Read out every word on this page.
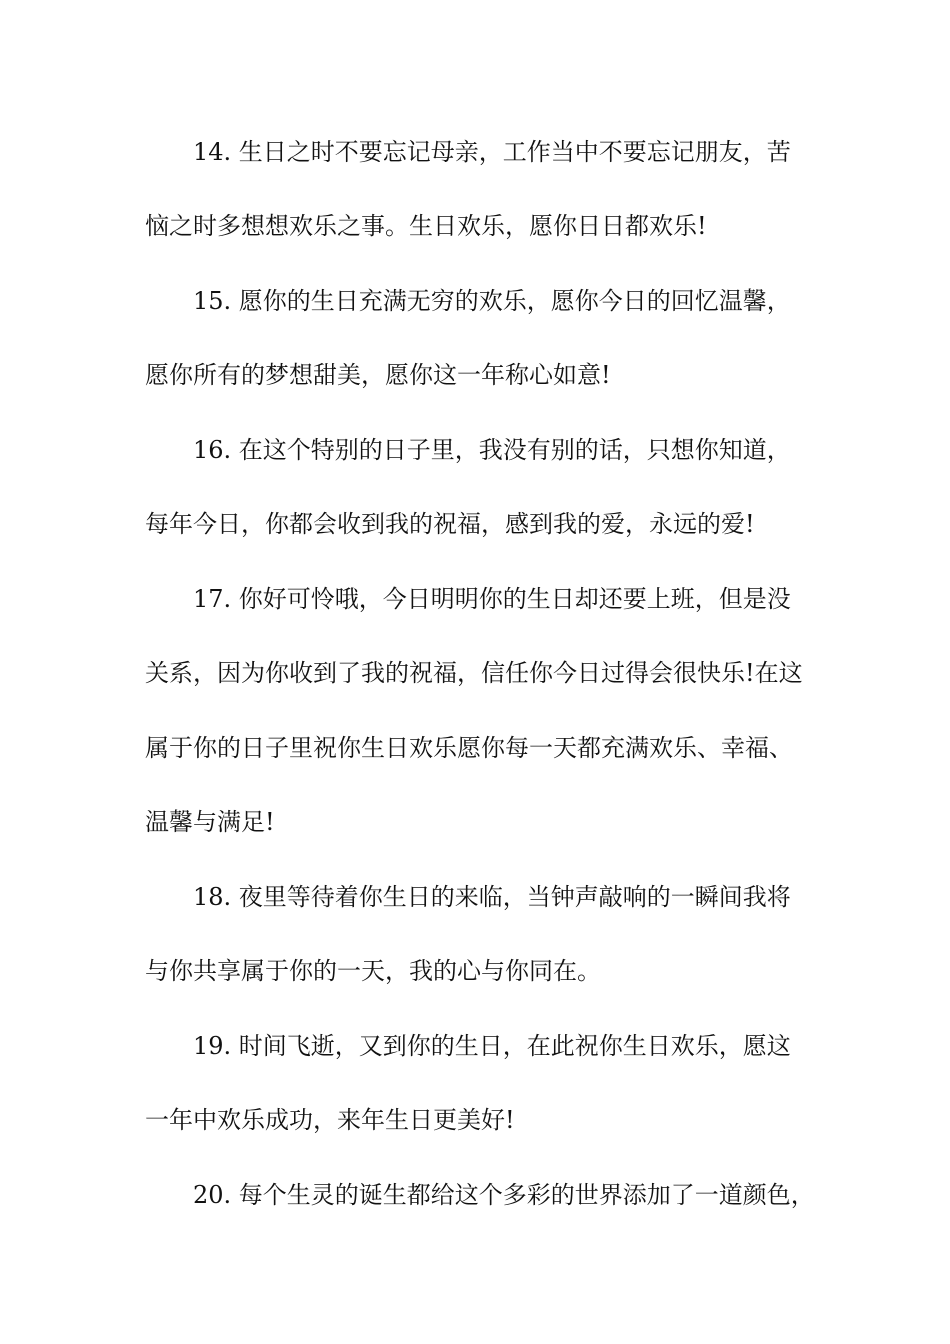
14. 生日之时不要忘记母亲，工作当中不要忘记朋友，苦
恼之时多想想欢乐之事。生日欢乐，愿你日日都欢乐!
15. 愿你的生日充满无穷的欢乐，愿你今日的回忆温馨，
愿你所有的梦想甜美，愿你这一年称心如意!
16. 在这个特别的日子里，我没有别的话，只想你知道，
每年今日，你都会收到我的祝福，感到我的爱，永远的爱!
17. 你好可怜哦，今日明明你的生日却还要上班，但是没
关系，因为你收到了我的祝福，信任你今日过得会很快乐!在这
属于你的日子里祝你生日欢乐愿你每一天都充满欢乐、幸福、
温馨与满足!
18. 夜里等待着你生日的来临，当钟声敲响的一瞬间我将
与你共享属于你的一天，我的心与你同在。
19. 时间飞逝，又到你的生日，在此祝你生日欢乐，愿这
一年中欢乐成功，来年生日更美好!
20. 每个生灵的诞生都给这个多彩的世界添加了一道颜色，
